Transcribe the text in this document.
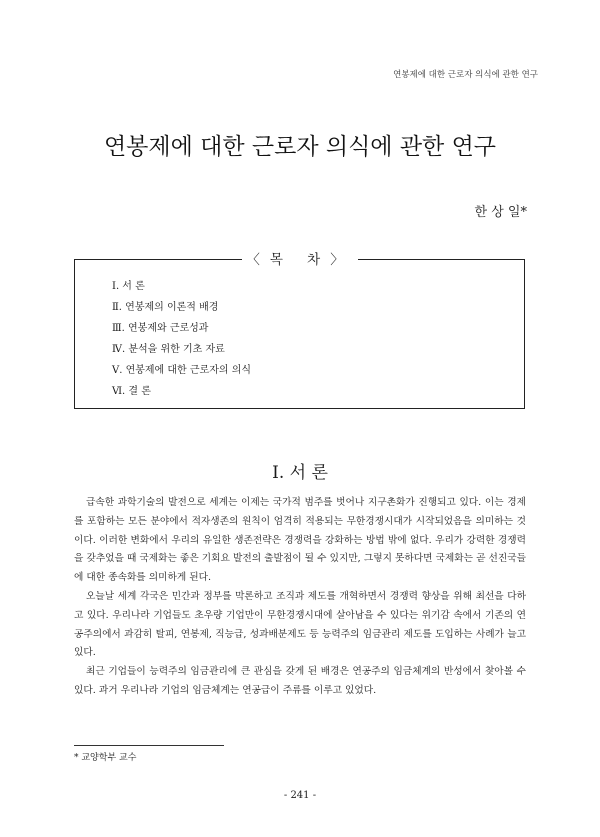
연봉제에 대한 근로자 의식에 관한 연구
연봉제에 대한 근로자 의식에 관한 연구
한 상 일*
〈목 차〉
Ⅰ. 서 론
Ⅱ. 연봉제의 이론적 배경
Ⅲ. 연봉제와 근로성과
Ⅳ. 분석을 위한 기초 자료
Ⅴ. 연봉제에 대한 근로자의 의식
Ⅵ. 결 론
Ⅰ. 서 론

급속한 과학기술의 발전으로 세계는 이제는 국가적 범주를 벗어나 지구촌화가 진행되고 있다. 이는 경제를 포함하는 모든 분야에서 적자생존의 원칙이 엄격히 적용되는 무한경쟁시대가 시작되었음을 의미하는 것이다. 이러한 변화에서 우리의 유일한 생존전략은 경쟁력을 강화하는 방법 밖에 없다. 우리가 강력한 경쟁력을 갖추었을 때 국제화는 좋은 기회요 발전의 출발점이 될 수 있지만, 그렇지 못하다면 국제화는 곧 선진국들에 대한 종속화를 의미하게 된다.

오늘날 세계 각국은 민간과 정부를 막론하고 조직과 제도를 개혁하면서 경쟁력 향상을 위해 최선을 다하고 있다. 우리나라 기업들도 초우량 기업만이 무한경쟁시대에 살아남을 수 있다는 위기감 속에서 기존의 연공주의에서 과감히 탈피, 연봉제, 직능급, 성과배분제도 등 능력주의 임금관리 제도를 도입하는 사례가 늘고 있다.

최근 기업들이 능력주의 임금관리에 큰 관심을 갖게 된 배경은 연공주의 임금체계의 반성에서 찾아볼 수 있다. 과거 우리나라 기업의 임금체계는 연공급이 주류를 이루고 있었다.

* 교양학부 교수
- 241 -
